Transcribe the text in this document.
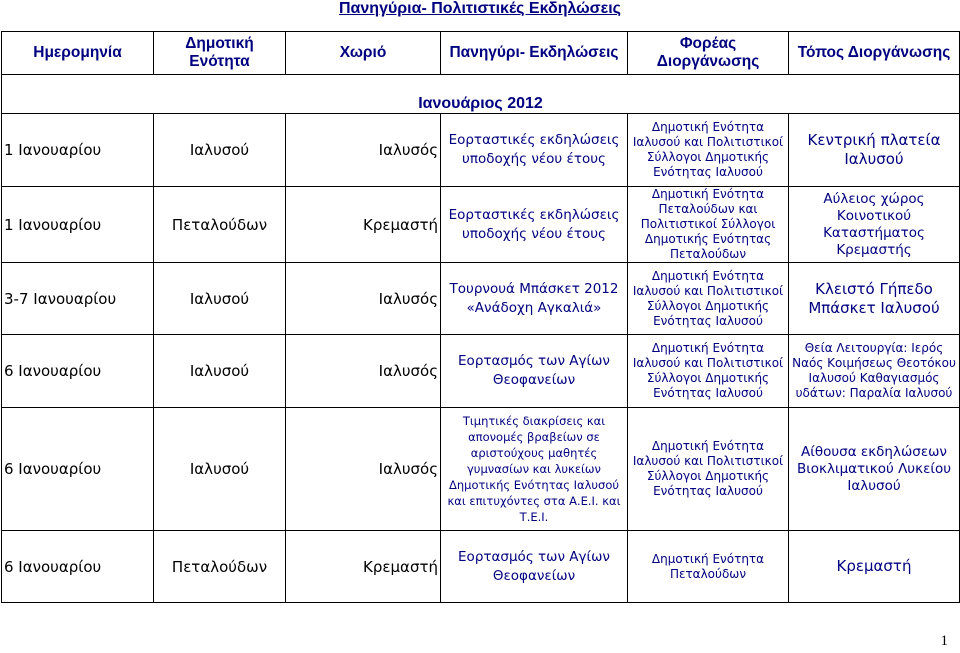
Πανηγύρια- Πολιτιστικές Εκδηλώσεις
Ημερομηνία	Δημοτική Ενότητα	Χωριό	Πανηγύρι- Εκδηλώσεις	Φορέας Διοργάνωσης	Τόπος Διοργάνωσης

Ιανουάριος 2012					

1 Ιανουαρίου	Ιαλυσού	Ιαλυσός	Εορταστικές εκδηλώσεις υποδοχής νέου έτους	Δημοτική Ενότητα Ιαλυσού και Πολιτιστικοί Σύλλογοι Δημοτικής Ενότητας Ιαλυσού	Κεντρική πλατεία Ιαλυσού
1 Ιανουαρίου	Πεταλούδων	Κρεμαστή	Εορταστικές εκδηλώσεις υποδοχής νέου έτους	Δημοτική Ενότητα Πεταλούδων και Πολιτιστικοί Σύλλογοι Δημοτικής Ενότητας Πεταλούδων	Αύλειος χώρος Κοινοτικού Καταστήματος Κρεμαστής
3-7 Ιανουαρίου	Ιαλυσού	Ιαλυσός	Τουρνουά Μπάσκετ 2012 «Ανάδοχη Αγκαλιά»	Δημοτική Ενότητα Ιαλυσού και Πολιτιστικοί Σύλλογοι Δημοτικής Ενότητας Ιαλυσού	Κλειστό Γήπεδο Μπάσκετ Ιαλυσού
6 Ιανουαρίου	Ιαλυσού	Ιαλυσός	Εορτασμός των Αγίων Θεοφανείων	Δημοτική Ενότητα Ιαλυσού και Πολιτιστικοί Σύλλογοι Δημοτικής Ενότητας Ιαλυσού	Θεία Λειτουργία: Ιερός Ναός Κοιμήσεως Θεοτόκου Ιαλυσού Καθαγιασμός υδάτων: Παραλία Ιαλυσού
6 Ιανουαρίου	Ιαλυσού	Ιαλυσός	Τιμητικές διακρίσεις και απονομές βραβείων σε αριστούχους μαθητές γυμνασίων και λυκείων Δημοτικής Ενότητας Ιαλυσού και επιτυχόντες στα Α.Ε.Ι. και Τ.Ε.Ι.	Δημοτική Ενότητα Ιαλυσού και Πολιτιστικοί Σύλλογοι Δημοτικής Ενότητας Ιαλυσού	Αίθουσα εκδηλώσεων Βιοκλιματικού Λυκείου Ιαλυσού
6 Ιανουαρίου	Πεταλούδων	Κρεμαστή	Εορτασμός των Αγίων Θεοφανείων	Δημοτική Ενότητα Πεταλούδων	Κρεμαστή
1
